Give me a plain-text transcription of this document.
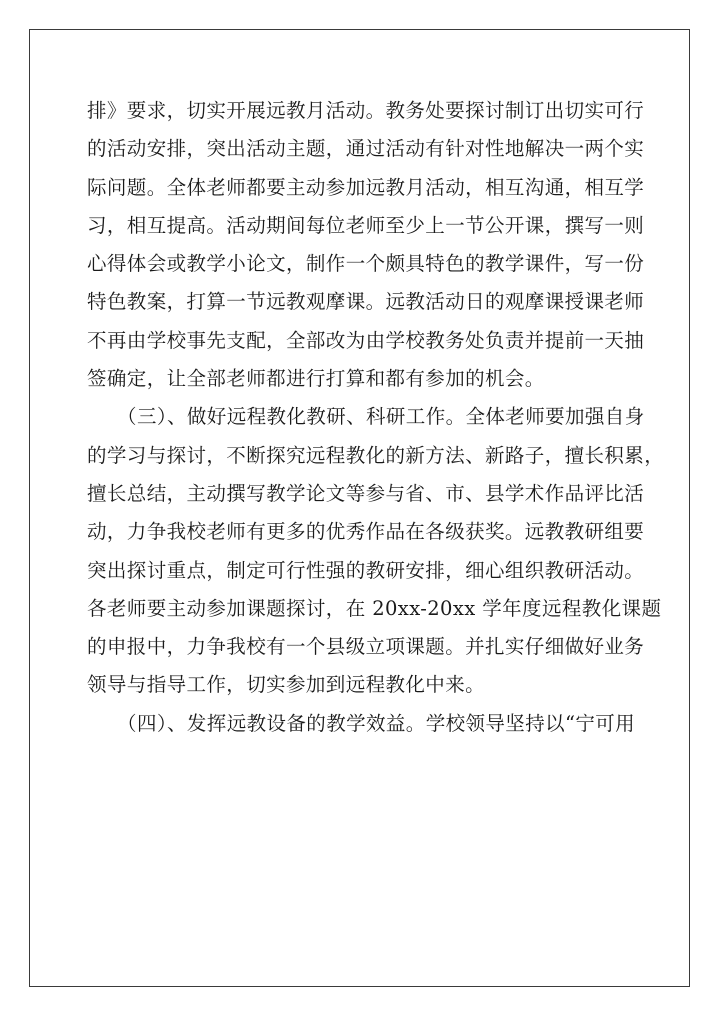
排》要求，切实开展远教月活动。教务处要探讨制订出切实可行
的活动安排，突出活动主题，通过活动有针对性地解决一两个实
际问题。全体老师都要主动参加远教月活动，相互沟通，相互学
习，相互提高。活动期间每位老师至少上一节公开课，撰写一则
心得体会或教学小论文，制作一个颇具特色的教学课件，写一份
特色教案，打算一节远教观摩课。远教活动日的观摩课授课老师
不再由学校事先支配，全部改为由学校教务处负责并提前一天抽
签确定，让全部老师都进行打算和都有参加的机会。
　　（三）、做好远程教化教研、科研工作。全体老师要加强自身
的学习与探讨，不断探究远程教化的新方法、新路子，擅长积累，
擅长总结，主动撰写教学论文等参与省、市、县学术作品评比活
动，力争我校老师有更多的优秀作品在各级获奖。远教教研组要
突出探讨重点，制定可行性强的教研安排，细心组织教研活动。
各老师要主动参加课题探讨，在 20xx-20xx 学年度远程教化课题
的申报中，力争我校有一个县级立项课题。并扎实仔细做好业务
领导与指导工作，切实参加到远程教化中来。
　　（四）、发挥远教设备的教学效益。学校领导坚持以“宁可用
